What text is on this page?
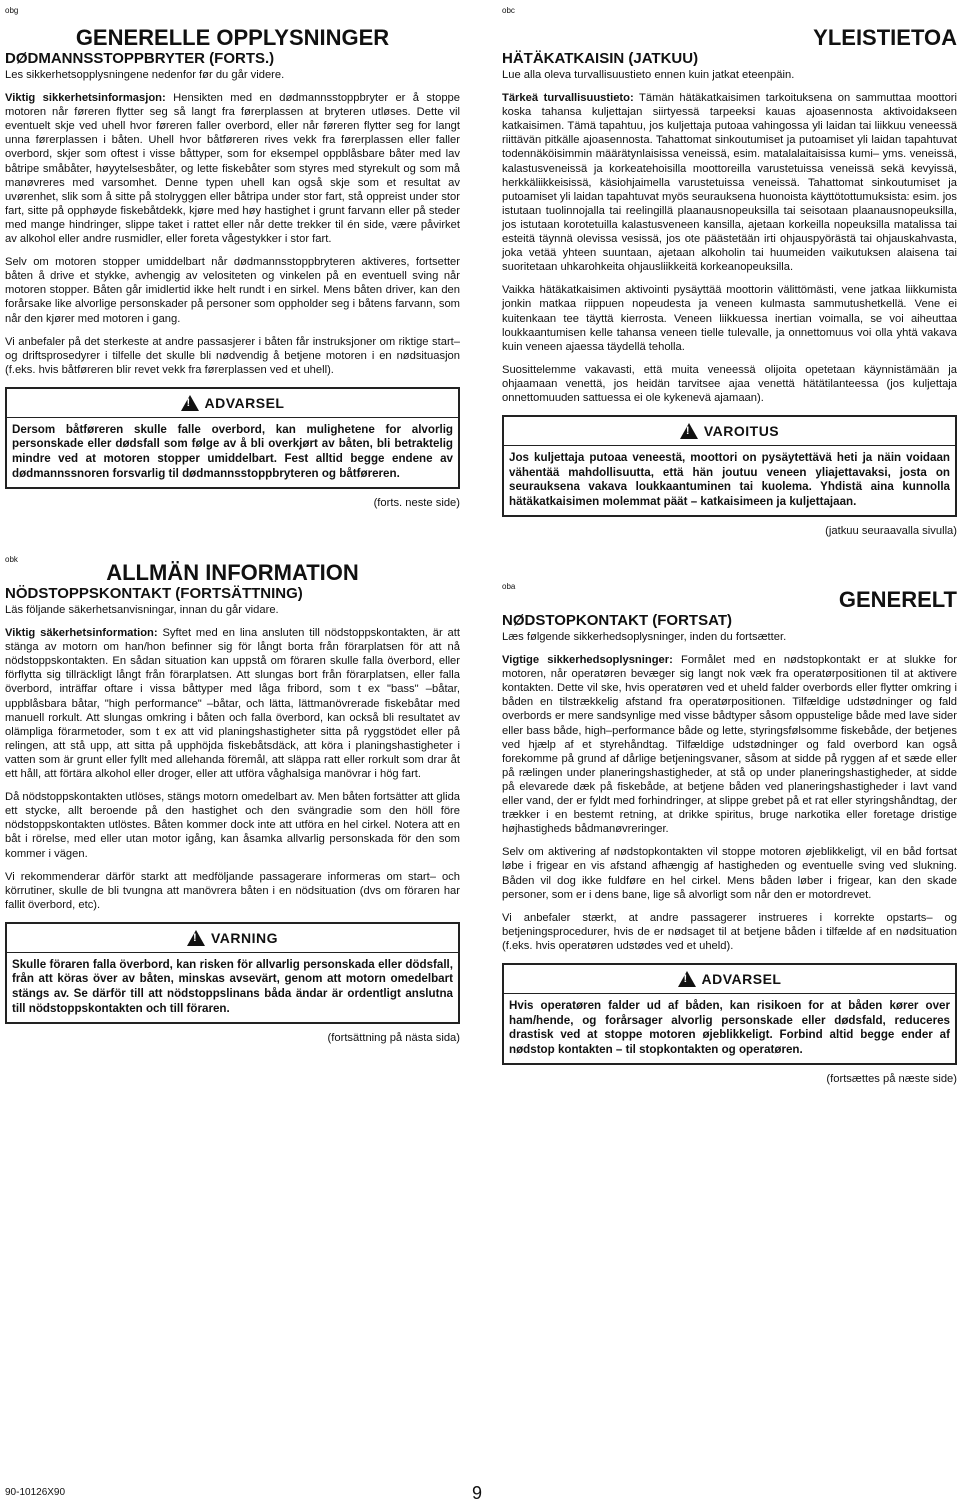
obg
GENERELLE OPPLYSNINGER
DØDMANNSSTOPPBRYTER (FORTS.)
Les sikkerhetsopplysningene nedenfor før du går videre.
Viktig sikkerhetsinformasjon: Hensikten med en dødmannsstoppbryter er å stoppe motoren når føreren flytter seg så langt fra førerplassen at bryteren utløses. Dette vil eventuelt skje ved uhell hvor føreren faller overbord, eller når føreren flytter seg for langt unna førerplassen i båten. Uhell hvor båtføreren rives vekk fra førerplassen eller faller overbord, skjer som oftest i visse båttyper, som for eksempel oppblåsbare båter med lav båtripe småbåter, høyytelsesbåter, og lette fiskebåter som styres med styrekult og som må manøvreres med varsomhet. Denne typen uhell kan også skje som et resultat av uvørenhet, slik som å sitte på stolryggen eller båtripa under stor fart, stå oppreist under stor fart, sitte på opphøyde fiskebåtdekk, kjøre med høy hastighet i grunt farvann eller på steder med mange hindringer, slippe taket i rattet eller når dette trekker til én side, være påvirket av alkohol eller andre rusmidler, eller foreta vågestykker i stor fart.
Selv om motoren stopper umiddelbart når dødmannsstoppbryteren aktiveres, fortsetter båten å drive et stykke, avhengig av velositeten og vinkelen på en eventuell sving når motoren stopper. Båten går imidlertid ikke helt rundt i en sirkel. Mens båten driver, kan den forårsake like alvorlige personskader på personer som oppholder seg i båtens farvann, som når den kjører med motoren i gang.
Vi anbefaler på det sterkeste at andre passasjerer i båten får instruksjoner om riktige start– og driftsprosedyrer i tilfelle det skulle bli nødvendig å betjene motoren i en nødsituasjon (f.eks. hvis båtføreren blir revet vekk fra førerplassen ved et uhell).
!
ADVARSEL
Dersom båtføreren skulle falle overbord, kan mulighetene for alvorlig personskade eller dødsfall som følge av å bli overkjørt av båten, bli betraktelig mindre ved at motoren stopper umiddelbart. Fest alltid begge endene av dødmannssnoren forsvarlig til dødmannsstoppbryteren og båtføreren.
(forts. neste side)
obk
ALLMÄN INFORMATION
NÖDSTOPPSKONTAKT (FORTSÄTTNING)
Läs följande säkerhetsanvisningar, innan du går vidare.
Viktig säkerhetsinformation: Syftet med en lina ansluten till nödstoppskontakten, är att stänga av motorn om han/hon befinner sig för långt borta från förarplatsen för att nå nödstoppskontakten. En sådan situation kan uppstå om föraren skulle falla överbord, eller förflytta sig tillräckligt långt från förarplatsen. Att slungas bort från förarplatsen, eller falla överbord, inträffar oftare i vissa båttyper med låga fribord, som t ex "bass" –båtar, uppblåsbara båtar, "high performance" –båtar, och lätta, lättmanövrerade fiskebåtar med manuell rorkult. Att slungas omkring i båten och falla överbord, kan också bli resultatet av olämpliga förarmetoder, som t ex att vid planingshastigheter sitta på ryggstödet eller på relingen, att stå upp, att sitta på upphöjda fiskebåtsdäck, att köra i planingshastigheter i vatten som är grunt eller fyllt med allehanda föremål, att släppa ratt eller rorkult som drar åt ett håll, att förtära alkohol eller droger, eller att utföra våghalsiga manövrar i hög fart.
Då nödstoppskontakten utlöses, stängs motorn omedelbart av. Men båten fortsätter att glida ett stycke, allt beroende på den hastighet och den svängradie som den höll före nödstoppskontakten utlöstes. Båten kommer dock inte att utföra en hel cirkel. Notera att en båt i rörelse, med eller utan motor igång, kan åsamka allvarlig personskada för den som kommer i vägen.
Vi rekommenderar därför starkt att medföljande passagerare informeras om start– och körrutiner, skulle de bli tvungna att manövrera båten i en nödsituation (dvs om föraren har fallit överbord, etc).
!
VARNING
Skulle föraren falla överbord, kan risken för allvarlig personskada eller dödsfall, från att köras över av båten, minskas avsevärt, genom att motorn omedelbart stängs av. Se därför till att nödstoppslinans båda ändar är ordentligt anslutna till nödstoppskontakten och till föraren.
(fortsättning på nästa sida)
obc
YLEISTIETOA
HÄTÄKATKAISIN (JATKUU)
Lue alla oleva turvallisuustieto ennen kuin jatkat eteenpäin.
Tärkeä turvallisuustieto: Tämän hätäkatkaisimen tarkoituksena on sammuttaa moottori koska tahansa kuljettajan siirtyessä tarpeeksi kauas ajoasennosta aktivoidakseen katkaisimen. Tämä tapahtuu, jos kuljettaja putoaa vahingossa yli laidan tai liikkuu veneessä riittävän pitkälle ajoasennosta. Tahattomat sinkoutumiset ja putoamiset yli laidan tapahtuvat todennäköisimmin määrätynlaisissa veneissä, esim. matalalaitaisissa kumi– yms. veneissä, kalastusveneissä ja korkeatehoisilla moottoreilla varustetuissa veneissä sekä kevyissä, herkkäliikkeisissä, käsiohjaimella varustetuissa veneissä. Tahattomat sinkoutumiset ja putoamiset yli laidan tapahtuvat myös seurauksena huonoista käyttötottumuksista: esim. jos istutaan tuolinnojalla tai reelingillä plaanausnopeuksilla tai seisotaan plaanausnopeuksilla, jos istutaan korotetuilla kalastusveneen kansilla, ajetaan korkeilla nopeuksilla matalissa tai esteitä täynnä olevissa vesissä, jos ote päästetään irti ohjauspyörästä tai ohjauskahvasta, joka vetää yhteen suuntaan, ajetaan alkoholin tai huumeiden vaikutuksen alaisena tai suoritetaan uhkarohkeita ohjausliikkeitä korkeanopeuksilla.
Vaikka hätäkatkaisimen aktivointi pysäyttää moottorin välittömästi, vene jatkaa liikkumista jonkin matkaa riippuen nopeudesta ja veneen kulmasta sammutushetkellä. Vene ei kuitenkaan tee täyttä kierrosta. Veneen liikkuessa inertian voimalla, se voi aiheuttaa loukkaantumisen kelle tahansa veneen tielle tulevalle, ja onnettomuus voi olla yhtä vakava kuin veneen ajaessa täydellä teholla.
Suosittelemme vakavasti, että muita veneessä olijoita opetetaan käynnistämään ja ohjaamaan venettä, jos heidän tarvitsee ajaa venettä hätätilanteessa (jos kuljettaja onnettomuuden sattuessa ei ole kykenevä ajamaan).
!
VAROITUS
Jos kuljettaja putoaa veneestä, moottori on pysäytettävä heti ja näin voidaan vähentää mahdollisuutta, että hän joutuu veneen yliajettavaksi, josta on seurauksena vakava loukkaantuminen tai kuolema. Yhdistä aina kunnolla hätäkatkaisimen molemmat päät – katkaisimeen ja kuljettajaan.
(jatkuu seuraavalla sivulla)
oba
GENERELT
NØDSTOPKONTAKT (FORTSAT)
Læs følgende sikkerhedsoplysninger, inden du fortsætter.
Vigtige sikkerhedsoplysninger: Formålet med en nødstopkontakt er at slukke for motoren, når operatøren bevæger sig langt nok væk fra operatørpositionen til at aktivere kontakten. Dette vil ske, hvis operatøren ved et uheld falder overbords eller flytter omkring i båden en tilstrækkelig afstand fra operatørpositionen. Tilfældige udstødninger og fald overbords er mere sandsynlige med visse bådtyper såsom oppustelige både med lave sider eller bass både, high–performance både og lette, styringsfølsomme fiskebåde, der betjenes ved hjælp af et styrehåndtag. Tilfældige udstødninger og fald overbord kan også forekomme på grund af dårlige betjeningsvaner, såsom at sidde på ryggen af et sæde eller på rælingen under planeringshastigheder, at stå op under planeringshastigheder, at sidde på elevarede dæk på fiskebåde, at betjene båden ved planeringshastigheder i lavt vand eller vand, der er fyldt med forhindringer, at slippe grebet på et rat eller styringshåndtag, der trækker i en bestemt retning, at drikke spiritus, bruge narkotika eller foretage dristige højhastigheds bådmanøvreringer.
Selv om aktivering af nødstopkontakten vil stoppe motoren øjeblikkeligt, vil en båd fortsat løbe i frigear en vis afstand afhængig af hastigheden og eventuelle sving ved slukning. Båden vil dog ikke fuldføre en hel cirkel. Mens båden løber i frigear, kan den skade personer, som er i dens bane, lige så alvorligt som når den er motordrevet.
Vi anbefaler stærkt, at andre passagerer instrueres i korrekte opstarts– og betjeningsprocedurer, hvis de er nødsaget til at betjene båden i tilfælde af en nødsituation (f.eks. hvis operatøren udstødes ved et uheld).
!
ADVARSEL
Hvis operatøren falder ud af båden, kan risikoen for at båden kører over ham/hende, og forårsager alvorlig personskade eller dødsfald, reduceres drastisk ved at stoppe motoren øjeblikkeligt. Forbind altid begge ender af nødstop kontakten – til stopkontakten og operatøren.
(fortsættes på næste side)
90-10126X90	9
